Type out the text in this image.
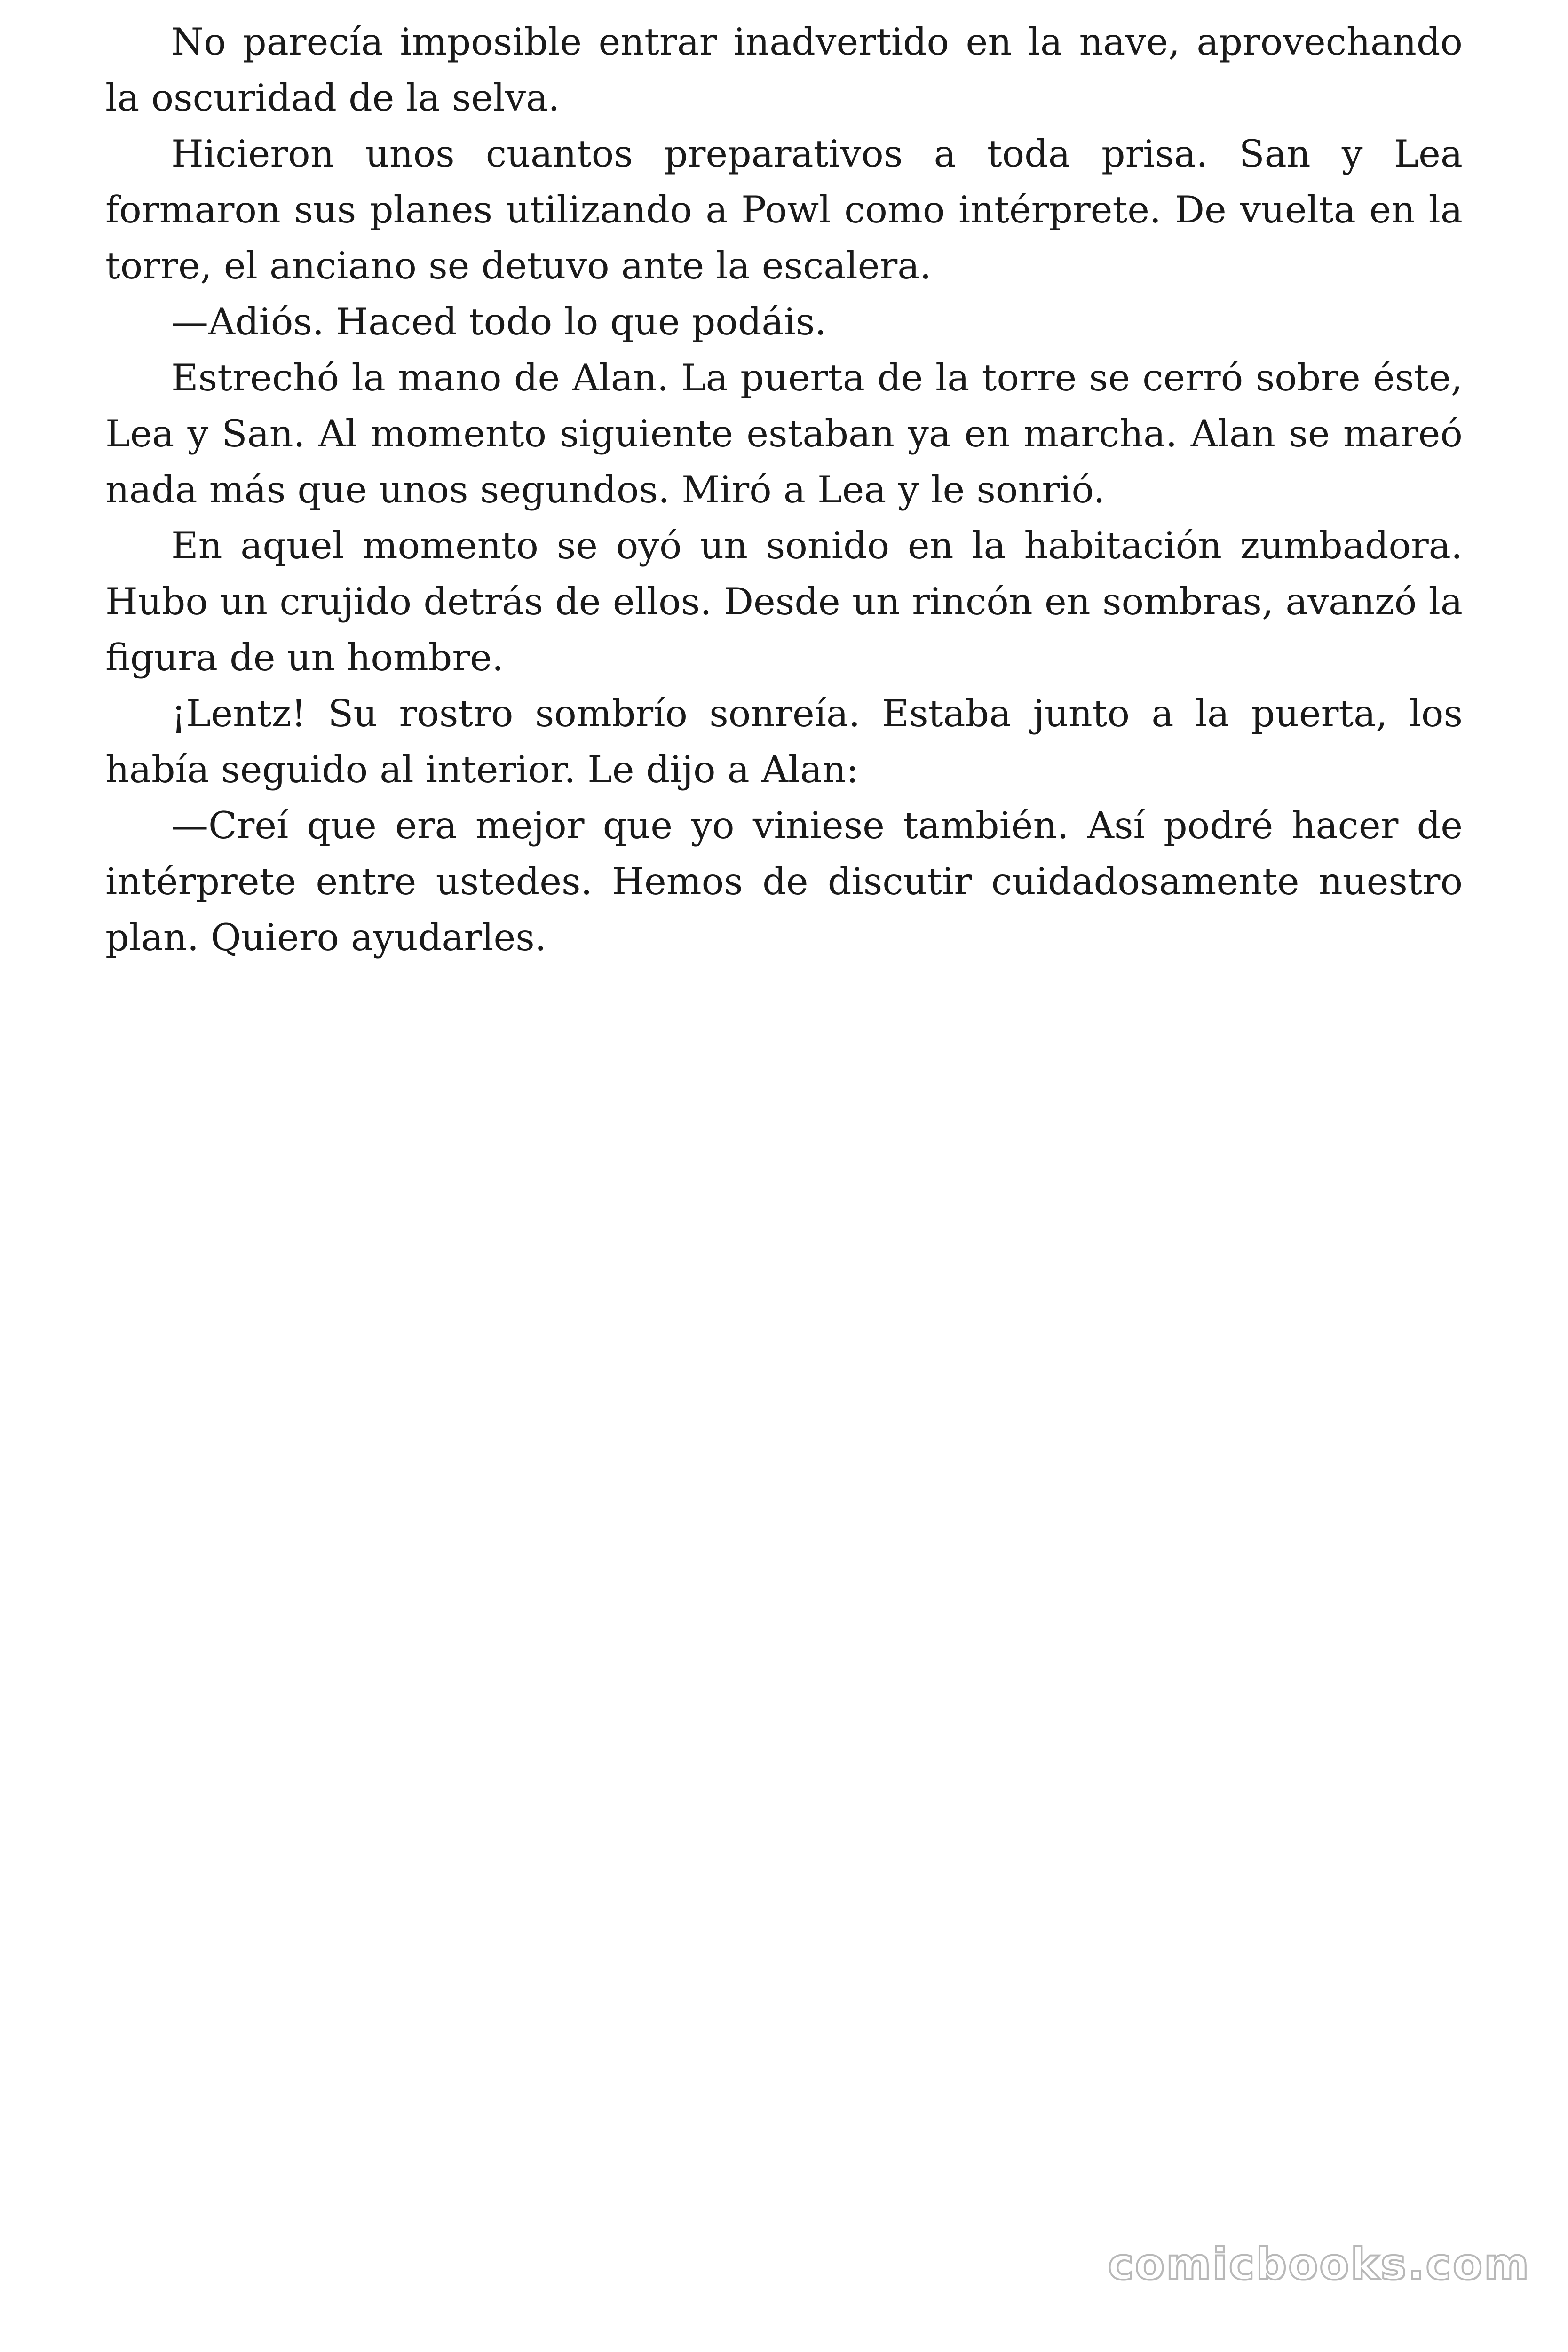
No parecía imposible entrar inadvertido en la nave, aprovechando la oscuridad de la selva.

Hicieron unos cuantos preparativos a toda prisa. San y Lea formaron sus planes utilizando a Powl como intérprete. De vuelta en la torre, el anciano se detuvo ante la escalera.

—Adiós. Haced todo lo que podáis.

Estrechó la mano de Alan. La puerta de la torre se cerró sobre éste, Lea y San. Al momento siguiente estaban ya en marcha. Alan se mareó nada más que unos segundos. Miró a Lea y le sonrió.

En aquel momento se oyó un sonido en la habitación zumbadora. Hubo un crujido detrás de ellos. Desde un rincón en sombras, avanzó la figura de un hombre.

¡Lentz! Su rostro sombrío sonreía. Estaba junto a la puerta, los había seguido al interior. Le dijo a Alan:

—Creí que era mejor que yo viniese también. Así podré hacer de intérprete entre ustedes. Hemos de discutir cuidadosamente nuestro plan. Quiero ayudarles.

comicbooks.com
